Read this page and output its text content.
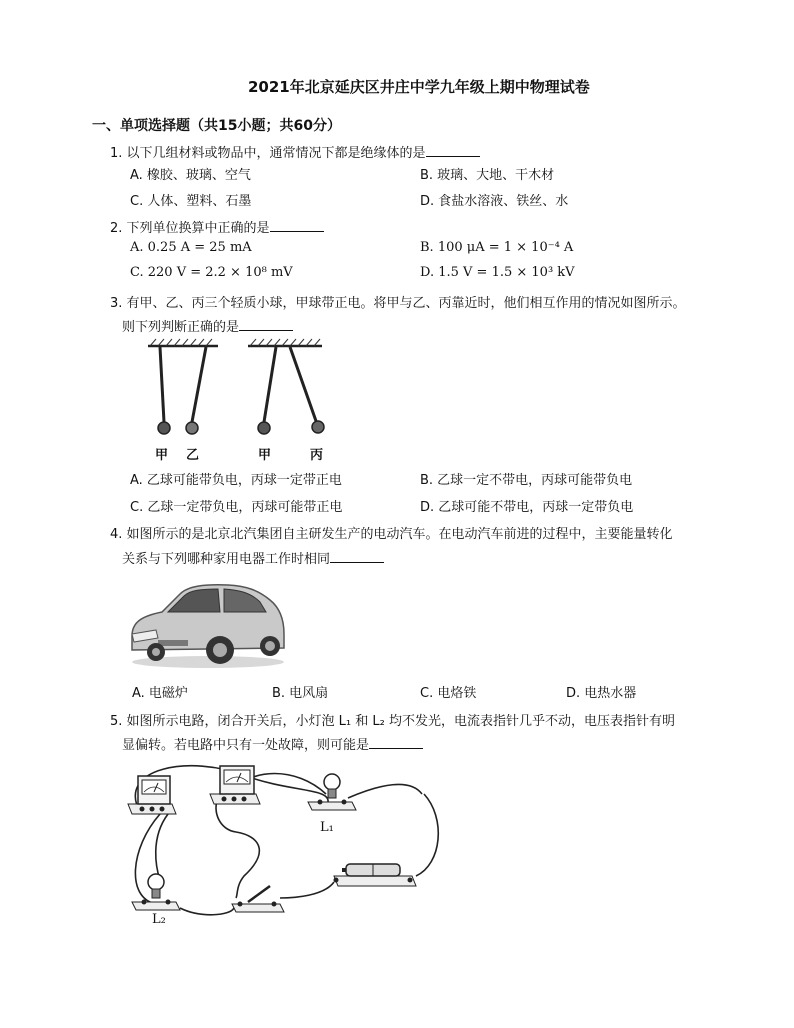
2021年北京延庆区井庄中学九年级上期中物理试卷
一、单项选择题（共15小题；共60分）
1. 以下几组材料或物品中，通常情况下都是绝缘体的是
A. 橡胶、玻璃、空气	B. 玻璃、大地、干木材
C. 人体、塑料、石墨	D. 食盐水溶液、铁丝、水
2. 下列单位换算中正确的是
A. 0.25 A = 25 mA	B. 100 μA = 1 × 10⁻⁴ A
C. 220 V = 2.2 × 10⁸ mV	D. 1.5 V = 1.5 × 10³ kV
3. 有甲、乙、丙三个轻质小球，甲球带正电。将甲与乙、丙靠近时，他们相互作用的情况如图所示。
则下列判断正确的是
甲 乙	甲	丙
A. 乙球可能带负电，丙球一定带正电	B. 乙球一定不带电，丙球可能带负电
C. 乙球一定带负电，丙球可能带正电	D. 乙球可能不带电，丙球一定带负电
4. 如图所示的是北京北汽集团自主研发生产的电动汽车。在电动汽车前进的过程中，主要能量转化
关系与下列哪种家用电器工作时相同
A. 电磁炉	B. 电风扇	C. 电烙铁	D. 电热水器
5. 如图所示电路，闭合开关后，小灯泡 L₁ 和 L₂ 均不发光，电流表指针几乎不动，电压表指针有明
显偏转。若电路中只有一处故障，则可能是
L₁
L₂
